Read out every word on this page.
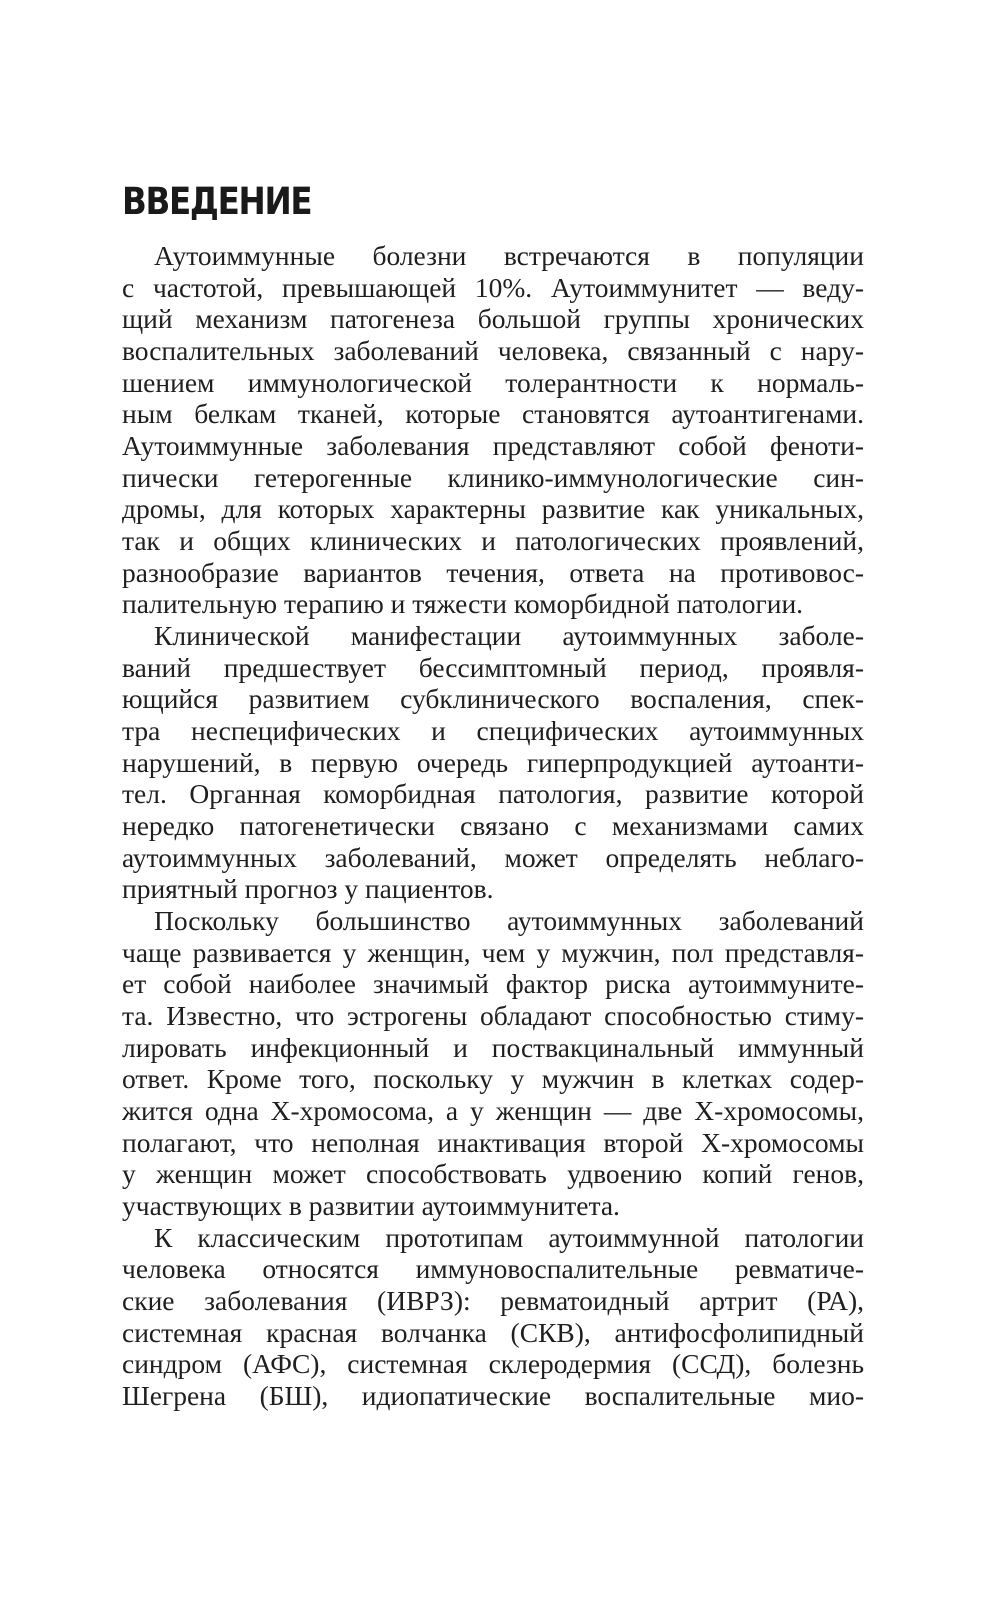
ВВЕДЕНИЕ

Аутоиммунные болезни встречаются в популяции

с частотой, превышающей 10%. Аутоиммунитет — веду-

щий механизм патогенеза большой группы хронических

воспалительных заболеваний человека, связанный с нару-

шением иммунологической толерантности к нормаль-

ным белкам тканей, которые становятся аутоантигенами.

Аутоиммунные заболевания представляют собой феноти-

пически гетерогенные клинико-иммунологические син-

дромы, для которых характерны развитие как уникальных,

так и общих клинических и патологических проявлений,

разнообразие вариантов течения, ответа на противовос-

палительную терапию и тяжести коморбидной патологии.

Клинической манифестации аутоиммунных заболе-

ваний предшествует бессимптомный период, проявля-

ющийся развитием субклинического воспаления, спек-

тра неспецифических и специфических аутоиммунных

нарушений, в первую очередь гиперпродукцией аутоанти-

тел. Органная коморбидная патология, развитие которой

нередко патогенетически связано с механизмами самих

аутоиммунных заболеваний, может определять неблаго-

приятный прогноз у пациентов.

Поскольку большинство аутоиммунных заболеваний

чаще развивается у женщин, чем у мужчин, пол представля-

ет собой наиболее значимый фактор риска аутоиммуните-

та. Известно, что эстрогены обладают способностью стиму-

лировать инфекционный и поствакцинальный иммунный

ответ. Кроме того, поскольку у мужчин в клетках содер-

жится одна Х-хромосома, а у женщин — две Х-хромосомы,

полагают, что неполная инактивация второй Х-хромосомы

у женщин может способствовать удвоению копий генов,

участвующих в развитии аутоиммунитета.

К классическим прототипам аутоиммунной патологии

человека относятся иммуновоспалительные ревматиче-

ские заболевания (ИВРЗ): ревматоидный артрит (РА),

системная красная волчанка (СКВ), антифосфолипидный

синдром (АФС), системная склеродермия (ССД), болезнь

Шегрена (БШ), идиопатические воспалительные мио-
